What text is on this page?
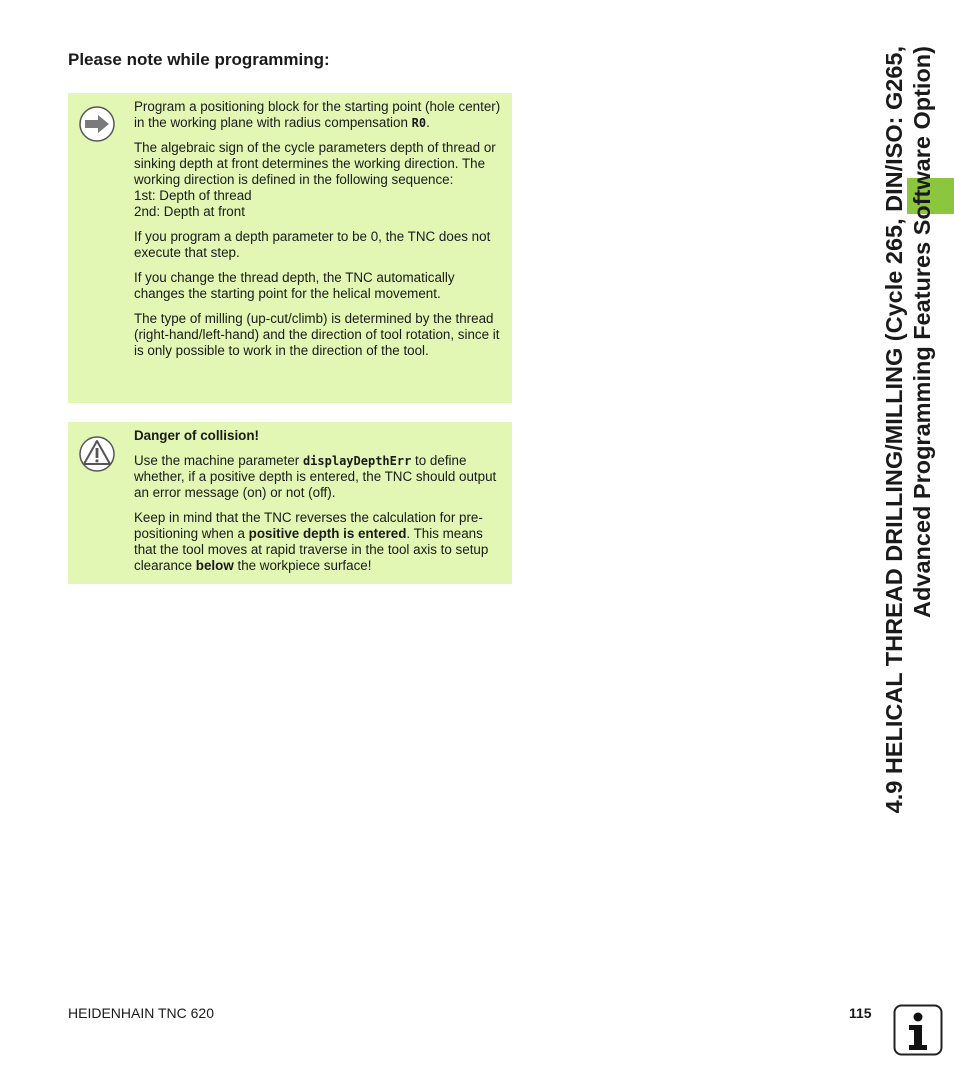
Please note while programming:

Program a positioning block for the starting point (hole center) in the working plane with radius compensation R0.

The algebraic sign of the cycle parameters depth of thread or sinking depth at front determines the working direction. The working direction is defined in the following sequence:
1st: Depth of thread
2nd: Depth at front

If you program a depth parameter to be 0, the TNC does not execute that step.

If you change the thread depth, the TNC automatically changes the starting point for the helical movement.

The type of milling (up-cut/climb) is determined by the thread (right-hand/left-hand) and the direction of tool rotation, since it is only possible to work in the direction of the tool.

Danger of collision!

Use the machine parameter displayDepthErr to define whether, if a positive depth is entered, the TNC should output an error message (on) or not (off).

Keep in mind that the TNC reverses the calculation for pre-positioning when a positive depth is entered. This means that the tool moves at rapid traverse in the tool axis to setup clearance below the workpiece surface!	4.9 HELICAL THREAD DRILLING/MILLING (Cycle 265, DIN/ISO: G265, Advanced Programming Features Software Option)
HEIDENHAIN TNC 620	115
